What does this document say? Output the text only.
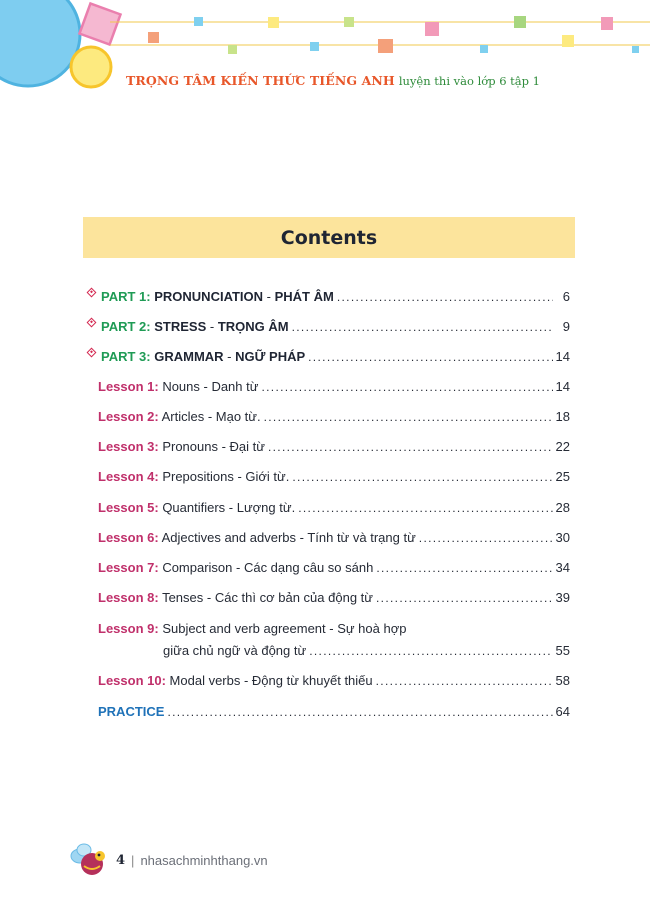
TRỌNG TÂM KIẾN THỨC TIẾNG ANH luyện thi vào lớp 6 tập 1
Contents
PART 1: PRONUNCIATION - PHÁT ÂM . . .	6
PART 2: STRESS - TRỌNG ÂM . . .	9
PART 3: GRAMMAR - NGỮ PHÁP . . .	14
Lesson 1: Nouns - Danh từ . . .	14
Lesson 2: Articles - Mạo từ. . . .	18
Lesson 3: Pronouns - Đại từ . . .	22
Lesson 4: Prepositions - Giới từ. . . .	25
Lesson 5: Quantifiers - Lượng từ. . . .	28
Lesson 6: Adjectives and adverbs - Tính từ và trạng từ . . .	30
Lesson 7: Comparison - Các dạng câu so sánh . . .	34
Lesson 8: Tenses - Các thì cơ bản của động từ . . .	39
Lesson 9: Subject and verb agreement - Sự hoà hợp
giữa chủ ngữ và động từ . . .	55
Lesson 10: Modal verbs - Động từ khuyết thiếu . . .	58
PRACTICE . . .	64
4 | nhasachminhthang.vn
